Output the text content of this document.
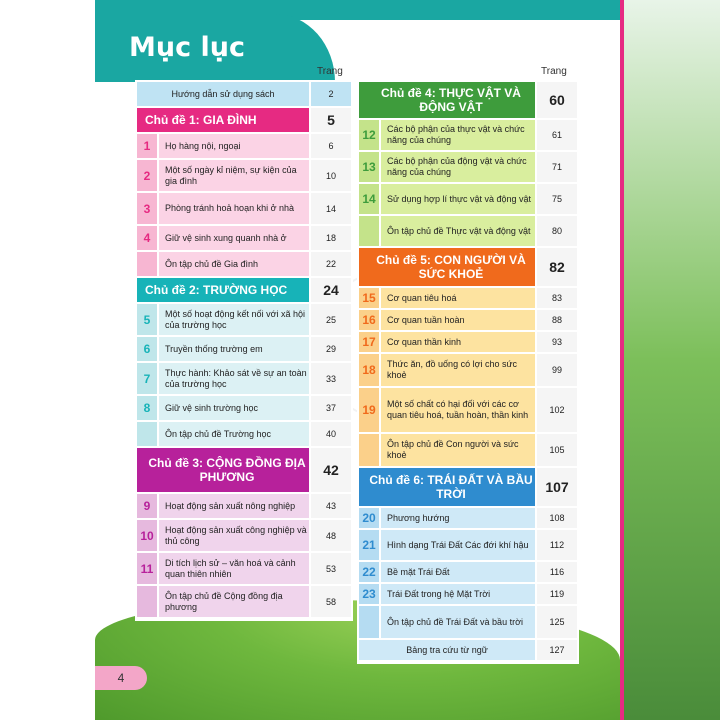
Mục lục
Trang	Trang
Hướng dẫn sử dụng sách	2
Chủ đề 1: GIA ĐÌNH	5
1	Họ hàng nội, ngoại	6
2	Một số ngày kỉ niệm, sự kiện của gia đình	10
3	Phòng tránh hoả hoạn khi ở nhà	14
4	Giữ vệ sinh xung quanh nhà ở	18
Ôn tập chủ đề Gia đình	22
Chủ đề 2: TRƯỜNG HỌC	24
5	Một số hoạt động kết nối với xã hội của trường học	25
6	Truyền thống trường em	29
7	Thực hành: Khảo sát về sự an toàn của trường học	33
8	Giữ vệ sinh trường học	37
Ôn tập chủ đề Trường học	40
Chủ đề 3: CỘNG ĐỒNG ĐỊA PHƯƠNG	42
9	Hoạt động sản xuất nông nghiệp	43
10	Hoạt động sản xuất công nghiệp và thủ công	48
11	Di tích lịch sử – văn hoá và cảnh quan thiên nhiên	53
Ôn tập chủ đề Cộng đồng địa phương	58
Chủ đề 4: THỰC VẬT VÀ ĐỘNG VẬT	60
12	Các bộ phận của thực vật và chức năng của chúng	61
13	Các bộ phận của động vật và chức năng của chúng	71
14	Sử dụng hợp lí thực vật và động vật	75
Ôn tập chủ đề Thực vật và động vật	80
Chủ đề 5: CON NGƯỜI VÀ SỨC KHOẺ	82
15	Cơ quan tiêu hoá	83
16	Cơ quan tuần hoàn	88
17	Cơ quan thần kinh	93
18	Thức ăn, đồ uống có lợi cho sức khoẻ	99
19	Một số chất có hại đối với các cơ quan tiêu hoá, tuần hoàn, thần kinh	102
Ôn tập chủ đề Con người và sức khoẻ	105
Chủ đề 6: TRÁI ĐẤT VÀ BẦU TRỜI	107
20	Phương hướng	108
21	Hình dạng Trái Đất Các đới khí hậu	112
22	Bề mặt Trái Đất	116
23	Trái Đất trong hệ Mặt Trời	119
Ôn tập chủ đề Trái Đất và bầu trời	125
Bảng tra cứu từ ngữ	127
4
